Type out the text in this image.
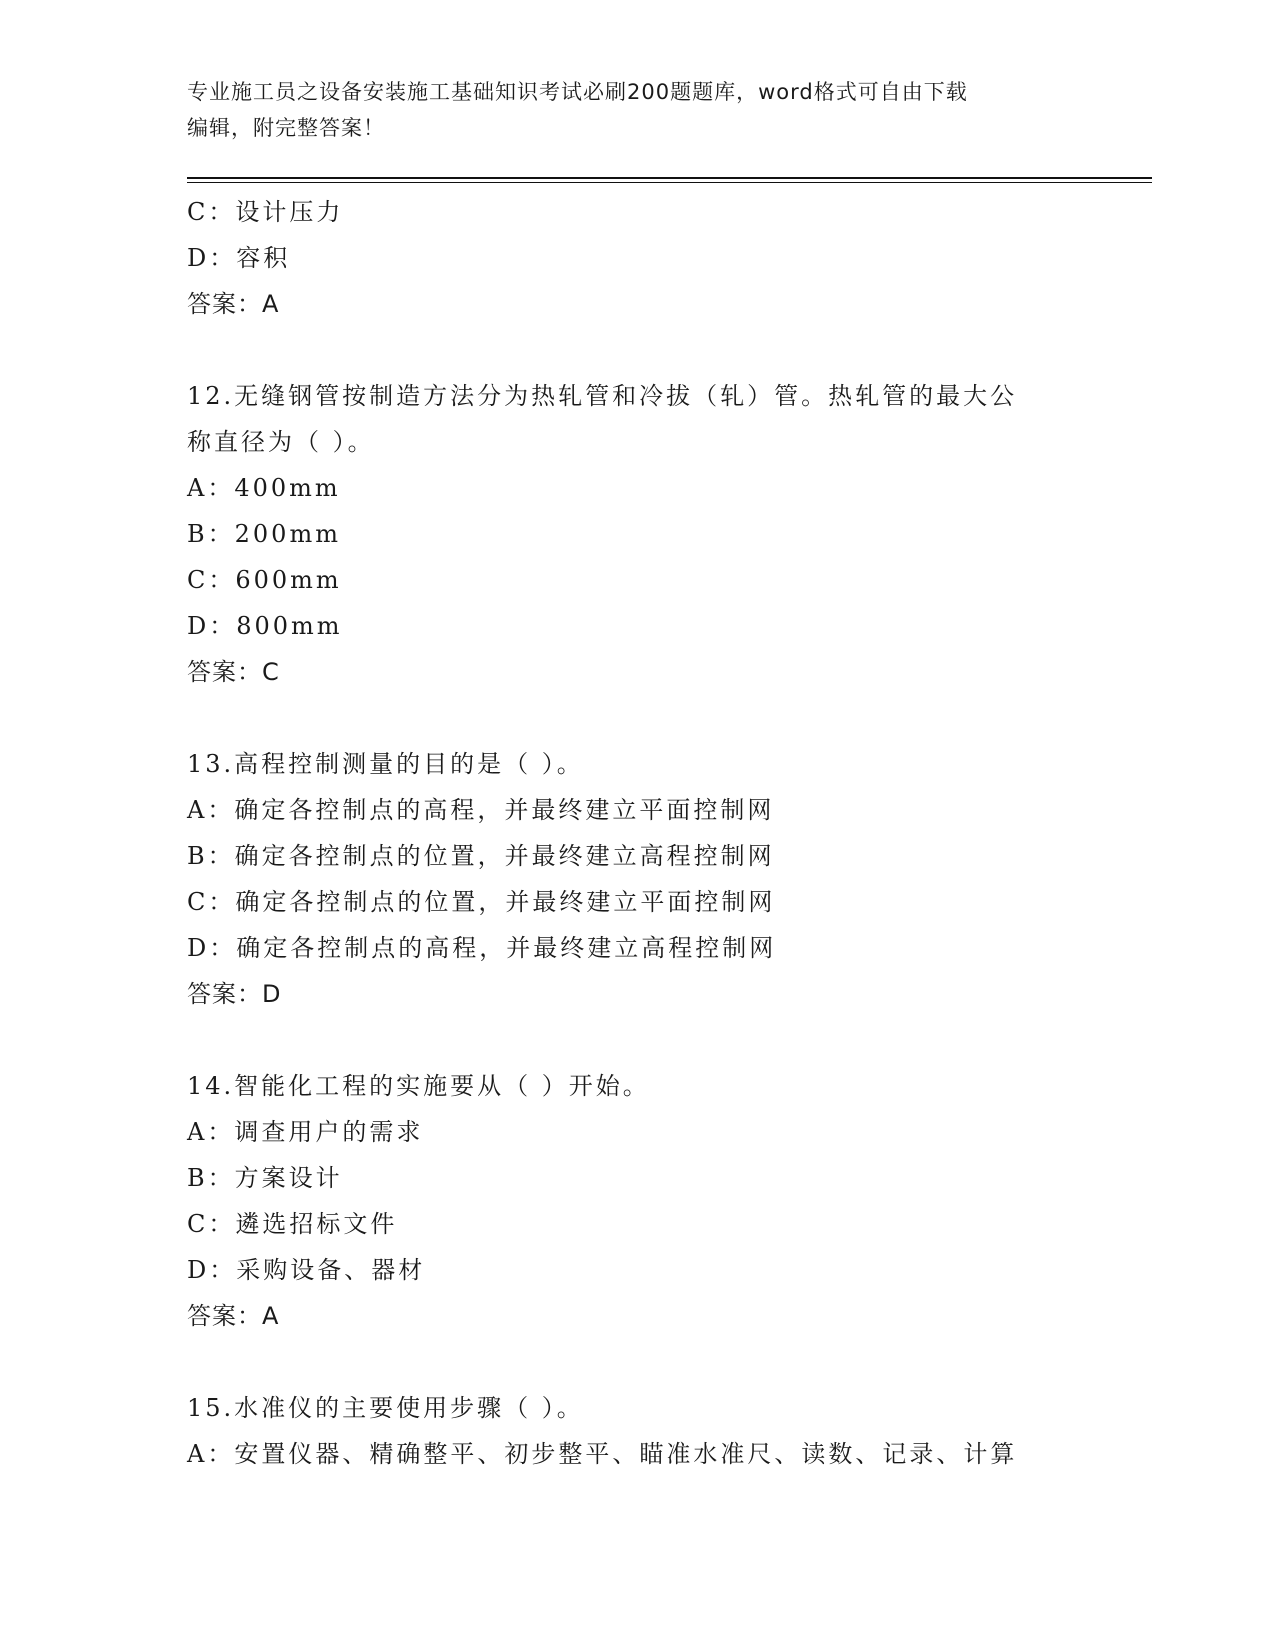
专业施工员之设备安装施工基础知识考试必刷200题题库，word格式可自由下载
编辑，附完整答案！
C：设计压力
D：容积
答案：A
12.无缝钢管按制造方法分为热轧管和冷拔（轧）管。热轧管的最大公
称直径为（ ）。
A：400mm
B：200mm
C：600mm
D：800mm
答案：C
13.高程控制测量的目的是（ ）。
A：确定各控制点的高程，并最终建立平面控制网
B：确定各控制点的位置，并最终建立高程控制网
C：确定各控制点的位置，并最终建立平面控制网
D：确定各控制点的高程，并最终建立高程控制网
答案：D
14.智能化工程的实施要从（ ）开始。
A：调查用户的需求
B：方案设计
C：遴选招标文件
D：采购设备、器材
答案：A
15.水准仪的主要使用步骤（ ）。
A：安置仪器、精确整平、初步整平、瞄准水准尺、读数、记录、计算
